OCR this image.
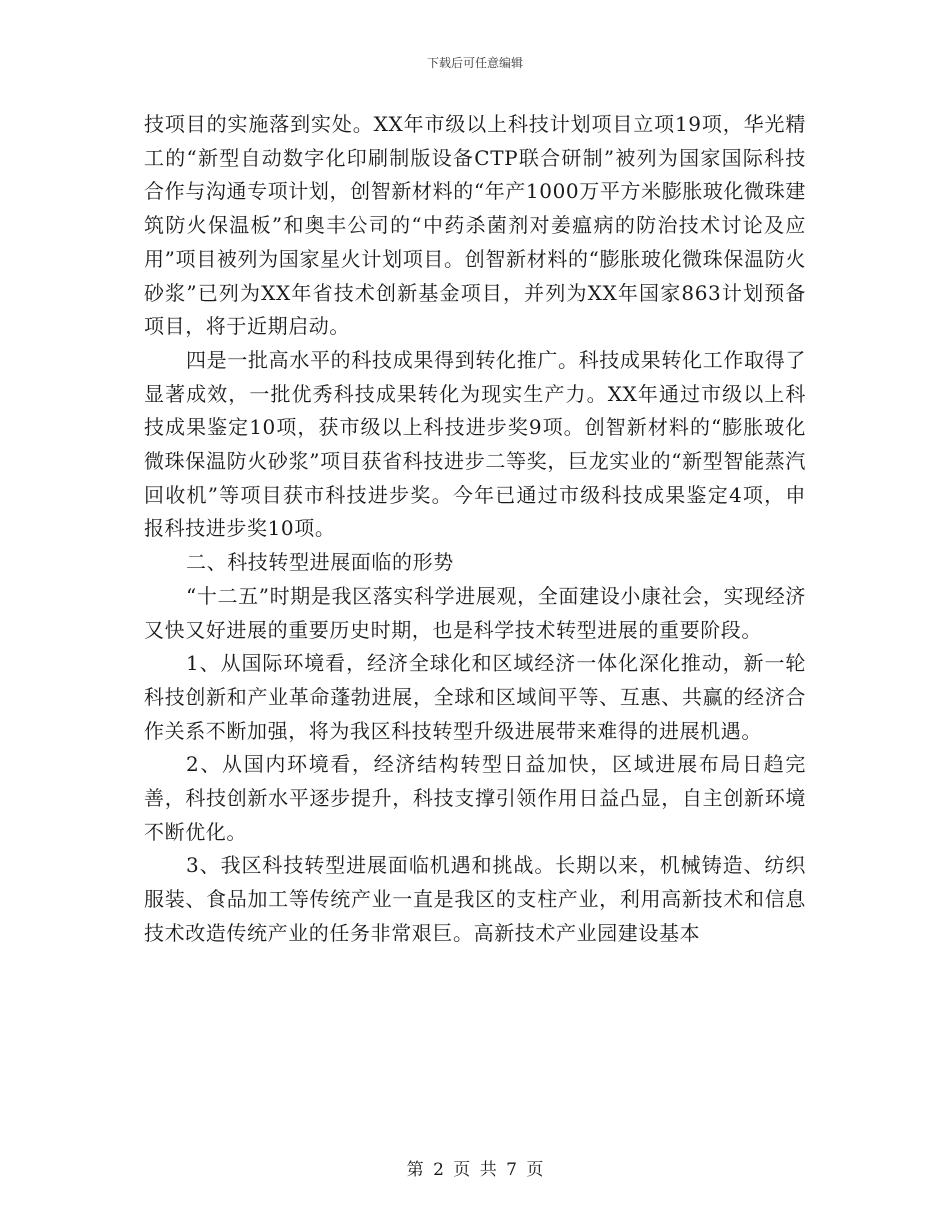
下载后可任意编辑

技项目的实施落到实处。XX年市级以上科技计划项目立项19项，华光精工的“新型自动数字化印刷制版设备CTP联合研制”被列为国家国际科技合作与沟通专项计划，创智新材料的“年产1000万平方米膨胀玻化微珠建筑防火保温板”和奥丰公司的“中药杀菌剂对姜瘟病的防治技术讨论及应用”项目被列为国家星火计划项目。创智新材料的“膨胀玻化微珠保温防火砂浆”已列为XX年省技术创新基金项目，并列为XX年国家863计划预备项目，将于近期启动。

四是一批高水平的科技成果得到转化推广。科技成果转化工作取得了显著成效，一批优秀科技成果转化为现实生产力。XX年通过市级以上科技成果鉴定10项，获市级以上科技进步奖9项。创智新材料的“膨胀玻化微珠保温防火砂浆”项目获省科技进步二等奖，巨龙实业的“新型智能蒸汽回收机”等项目获市科技进步奖。今年已通过市级科技成果鉴定4项，申报科技进步奖10项。

二、科技转型进展面临的形势

“十二五”时期是我区落实科学进展观，全面建设小康社会，实现经济又快又好进展的重要历史时期，也是科学技术转型进展的重要阶段。

1、从国际环境看，经济全球化和区域经济一体化深化推动，新一轮科技创新和产业革命蓬勃进展，全球和区域间平等、互惠、共赢的经济合作关系不断加强，将为我区科技转型升级进展带来难得的进展机遇。

2、从国内环境看，经济结构转型日益加快，区域进展布局日趋完善，科技创新水平逐步提升，科技支撑引领作用日益凸显，自主创新环境不断优化。

3、我区科技转型进展面临机遇和挑战。长期以来，机械铸造、纺织服装、食品加工等传统产业一直是我区的支柱产业，利用高新技术和信息技术改造传统产业的任务非常艰巨。高新技术产业园建设基本

第 2 页 共 7 页
